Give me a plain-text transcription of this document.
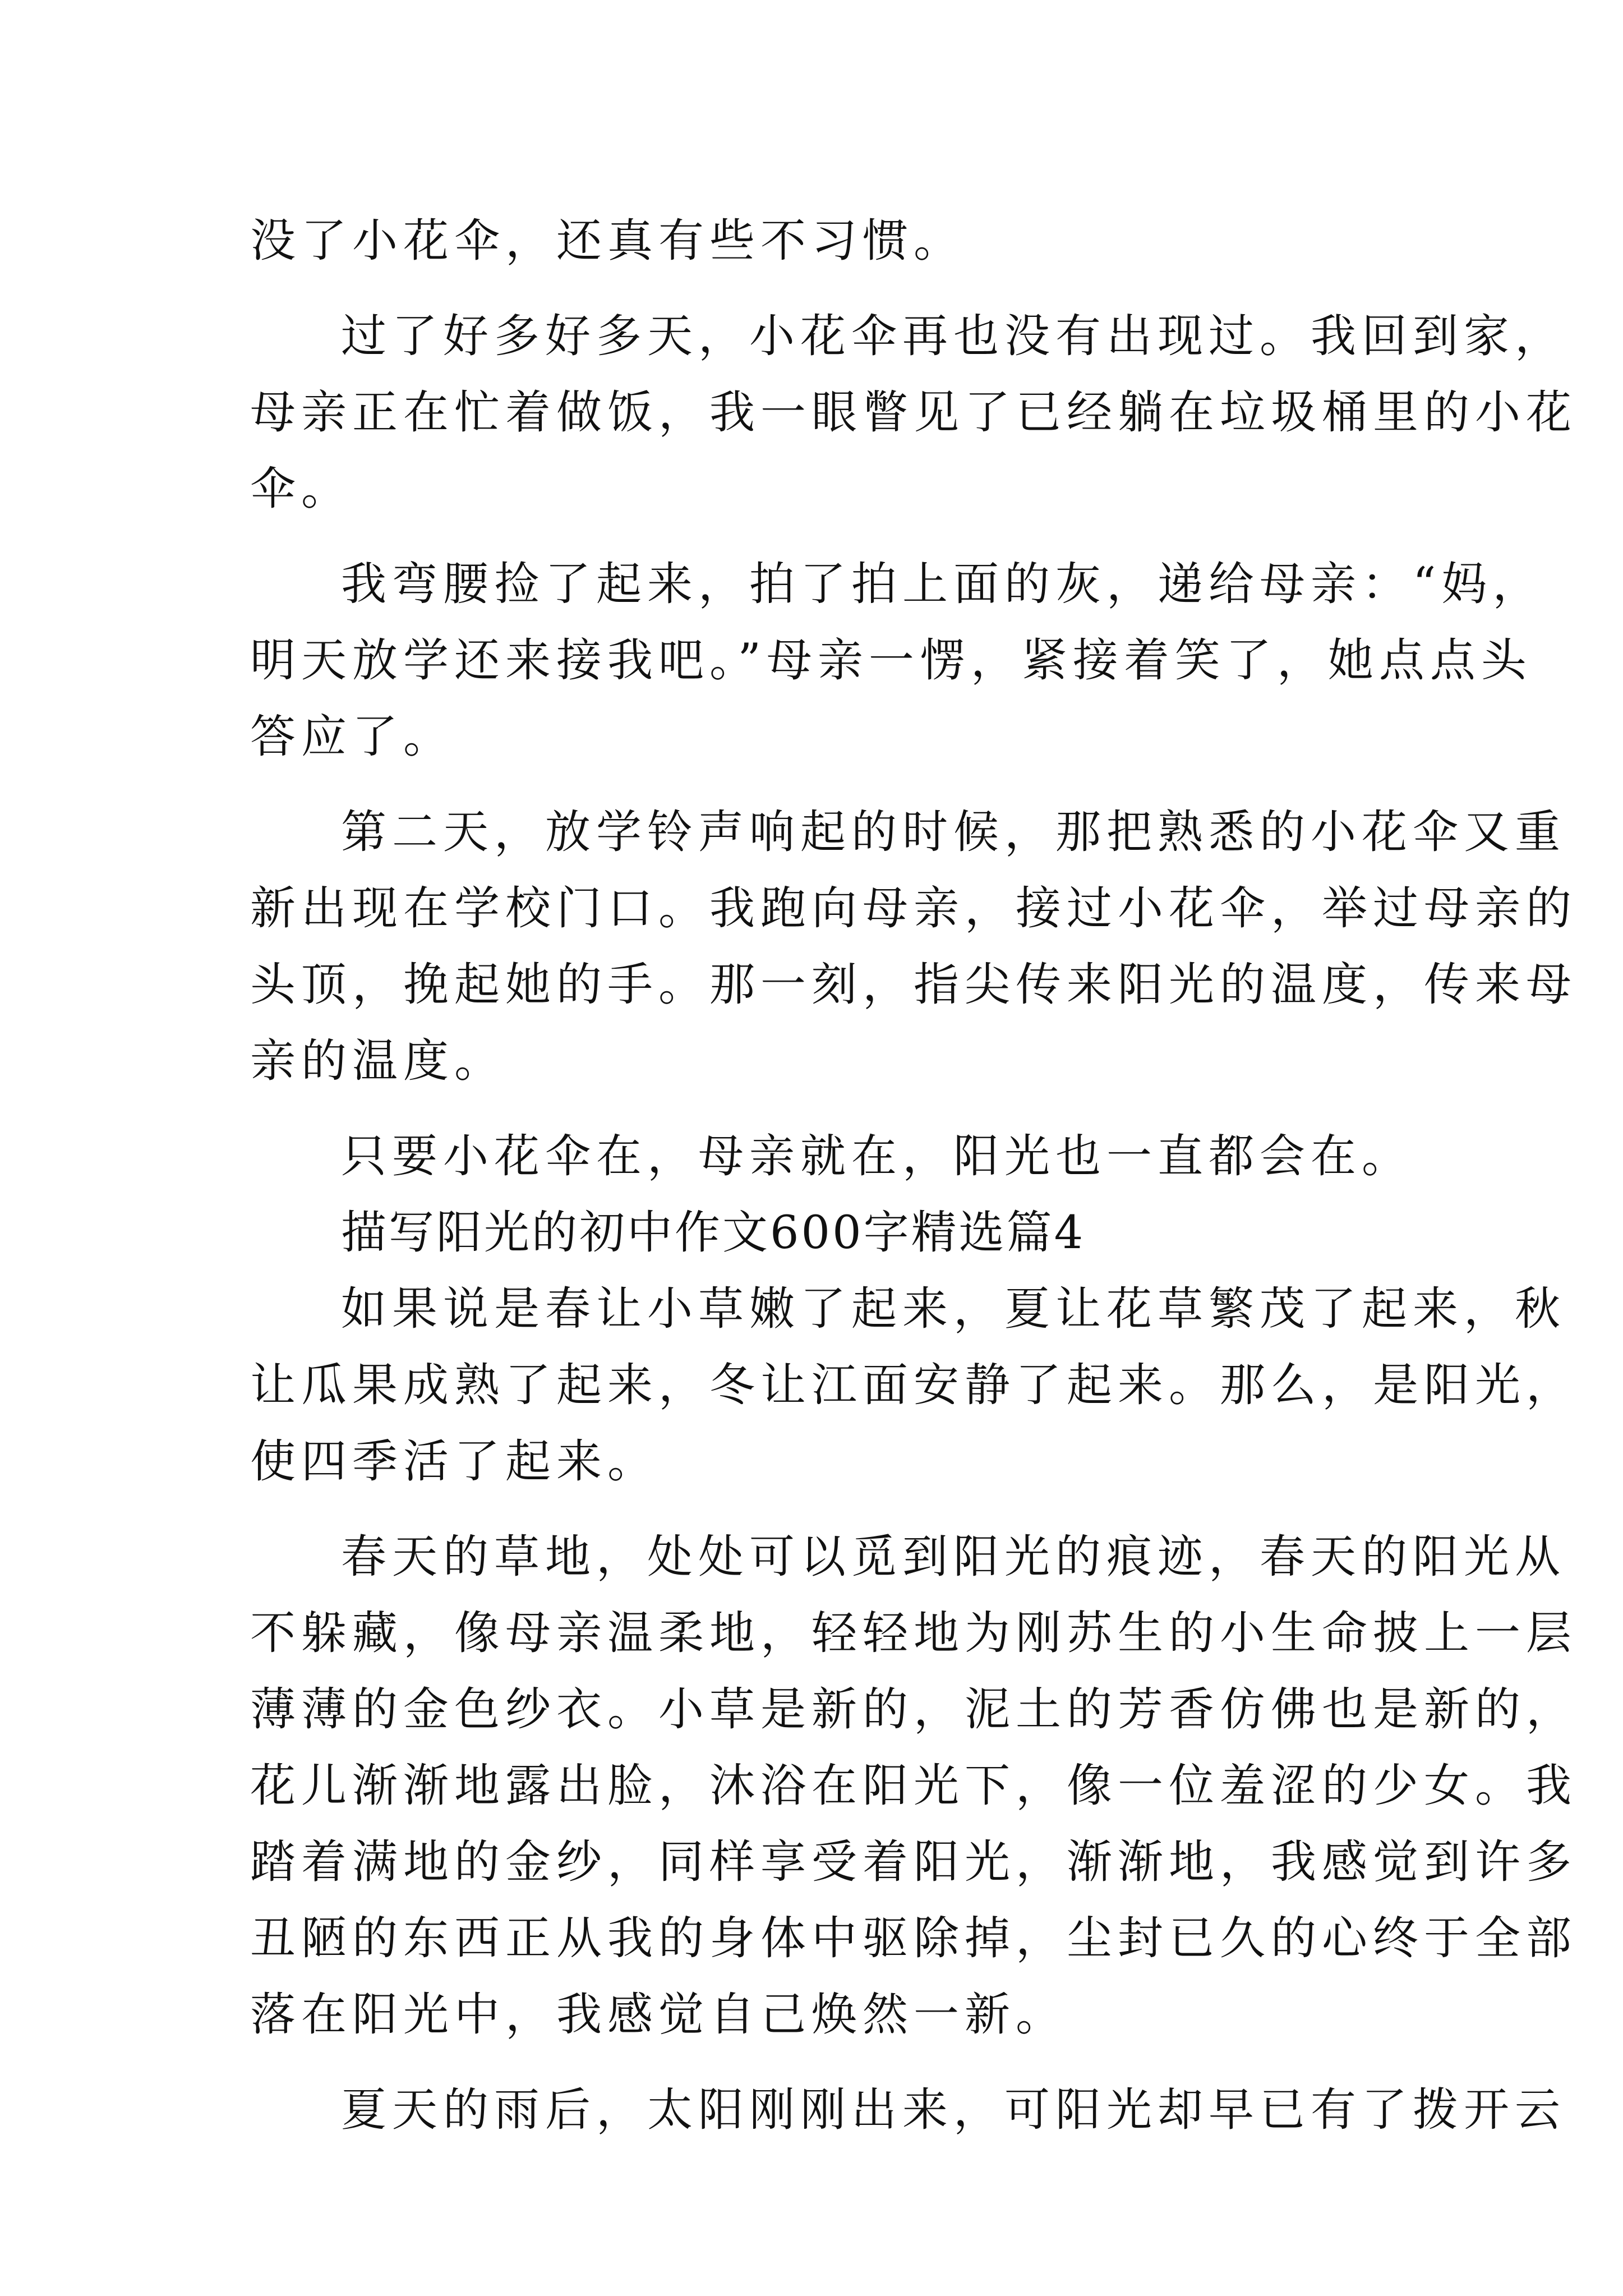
没了小花伞，还真有些不习惯。
过了好多好多天，小花伞再也没有出现过。我回到家，
母亲正在忙着做饭，我一眼瞥见了已经躺在垃圾桶里的小花
伞。
我弯腰捡了起来，拍了拍上面的灰，递给母亲：“妈，
明天放学还来接我吧。”母亲一愣，紧接着笑了，她点点头
答应了。
第二天，放学铃声响起的时候，那把熟悉的小花伞又重
新出现在学校门口。我跑向母亲，接过小花伞，举过母亲的
头顶，挽起她的手。那一刻，指尖传来阳光的温度，传来母
亲的温度。
只要小花伞在，母亲就在，阳光也一直都会在。
描写阳光的初中作文600字精选篇4
如果说是春让小草嫩了起来，夏让花草繁茂了起来，秋
让瓜果成熟了起来，冬让江面安静了起来。那么，是阳光，
使四季活了起来。
春天的草地，处处可以觅到阳光的痕迹，春天的阳光从
不躲藏，像母亲温柔地，轻轻地为刚苏生的小生命披上一层
薄薄的金色纱衣。小草是新的，泥土的芳香仿佛也是新的，
花儿渐渐地露出脸，沐浴在阳光下，像一位羞涩的少女。我
踏着满地的金纱，同样享受着阳光，渐渐地，我感觉到许多
丑陋的东西正从我的身体中驱除掉，尘封已久的心终于全部
落在阳光中，我感觉自己焕然一新。
夏天的雨后，太阳刚刚出来，可阳光却早已有了拨开云
